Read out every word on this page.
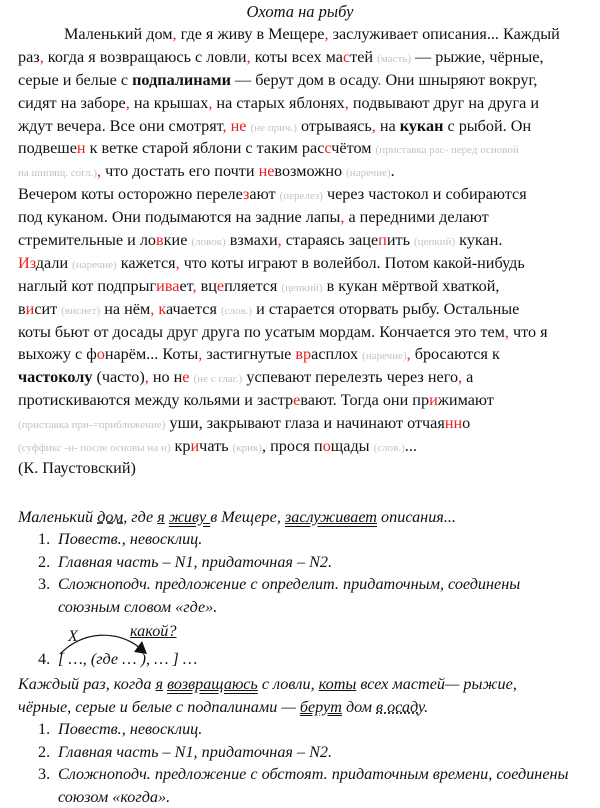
Охота на рыбу
Маленький дом, где я живу в Мещере, заслуживает описания... Каждый
раз, когда я возвращаюсь с ловли, коты всех мастей (масть) — рыжие, чёрные,
серые и белые с подпалинами — берут дом в осаду. Они шныряют вокруг,
сидят на заборе, на крышах, на старых яблонях, подвывают друг на друга и
ждут вечера. Все они смотрят, не (не прич.) отрываясь, на кукан с рыбой. Он
подвешен к ветке старой яблони с таким рассчётом (приставка рас- перед основой
на шипящ. согл.), что достать его почти невозможно (наречие).
Вечером коты осторожно перелезают (перелез) через частокол и собираются
под куканом. Они подымаются на задние лапы, а передними делают
стремительные и ловкие (ловок) взмахи, стараясь зацепить (цепкий) кукан.
Издали (наречие) кажется, что коты играют в волейбол. Потом какой-нибудь
наглый кот подпрыгивает, вцепляется (цепкий) в кукан мёртвой хваткой,
висит (виснет) на нём, качается (слов.) и старается оторвать рыбу. Остальные
коты бьют от досады друг друга по усатым мордам. Кончается это тем, что я
выхожу с фонарём... Коты, застигнутые врасплох (наречие), бросаются к
частоколу (часто), но не (не с глаг.) успевают перелезть через него, а
протискиваются между кольями и застревают. Тогда они прижимают
(приставка при-=приближение) уши, закрывают глаза и начинают отчаянно
(суффикс -н- после основы на н) кричать (крик), прося пощады (слов.)...
(К. Паустовский)
Маленький дом, где я живу в Мещере, заслуживает описания...
1. Повеств., невосклиц.
2. Главная часть – N1, придаточная – N2.
3. Сложноподч. предложение с определит. придаточным, соединены союзным словом «где».
X	какой?
4. [ …, (где … ), … ] …
Каждый раз, когда я возвращаюсь с ловли, коты всех мастей— рыжие,
чёрные, серые и белые с подпалинами — берут дом в осаду.
1. Повеств., невосклиц.
2. Главная часть – N1, придаточная – N2.
3. Сложноподч. предложение с обстоят. придаточным времени, соединены союзом «когда».
